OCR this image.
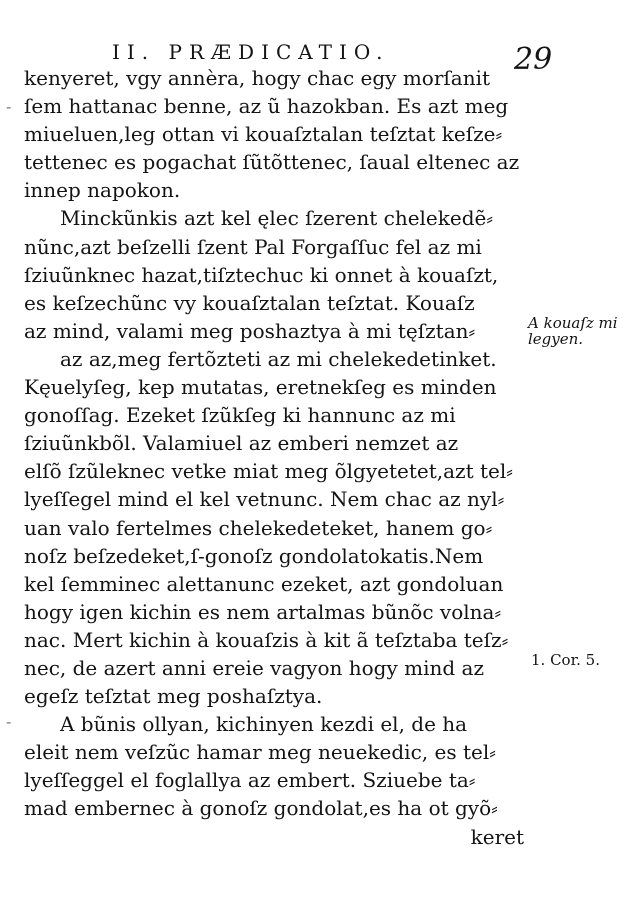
II. PRÆDICATIO.	29
-
-
kenyeret, vgy annèra, hogy chac egy morſanit
ſem hattanac benne, az ũ hazokban. Es azt meg
miueluen,leg ottan vi kouaſztalan teſztat keſze⸗
tettenec es pogachat ſũtõttenec, ſaual eltenec az
innep napokon.
Minckũnkis azt kel ęlec ſzerent chelekedẽ⸗
nũnc,azt beſzelli ſzent Pal Forgaſſuc fel az mi
ſziuũnknec hazat,tiſztechuc ki onnet à kouaſzt,
es keſzechũnc vy kouaſztalan teſztat. Kouaſz
az mind, valami meg poshaztya à mi tęſztan⸗
az az,meg fertõzteti az mi chelekedetinket.
Kęuelyſeg, kep mutatas, eretnekſeg es minden
gonoſſag. Ezeket ſzũkſeg ki hannunc az mi
ſziuũnkbõl. Valamiuel az emberi nemzet az
elſõ ſzũleknec vetke miat meg õlgyetetet,azt tel⸗
lyeſſegel mind el kel vetnunc. Nem chac az nyl⸗
uan valo fertelmes chelekedeteket, hanem go⸗
noſz beſzedeket,ſ-gonoſz gondolatokatis.Nem
kel ſemminec alettanunc ezeket, azt gondoluan
hogy igen kichin es nem artalmas bũnõc volna⸗
nac. Mert kichin à kouaſzis à kit ã teſztaba teſz⸗
nec, de azert anni ereie vagyon hogy mind az
egeſz teſztat meg poshaſztya.
A bũnis ollyan, kichinyen kezdi el, de ha
eleit nem veſzũc hamar meg neuekedic, es tel⸗
lyeſſeggel el foglallya az embert. Sziuebe ta⸗
mad embernec à gonoſz gondolat,es ha ot gyõ⸗
keret
A kouaſz mi
legyen.
1. Cor. 5.
